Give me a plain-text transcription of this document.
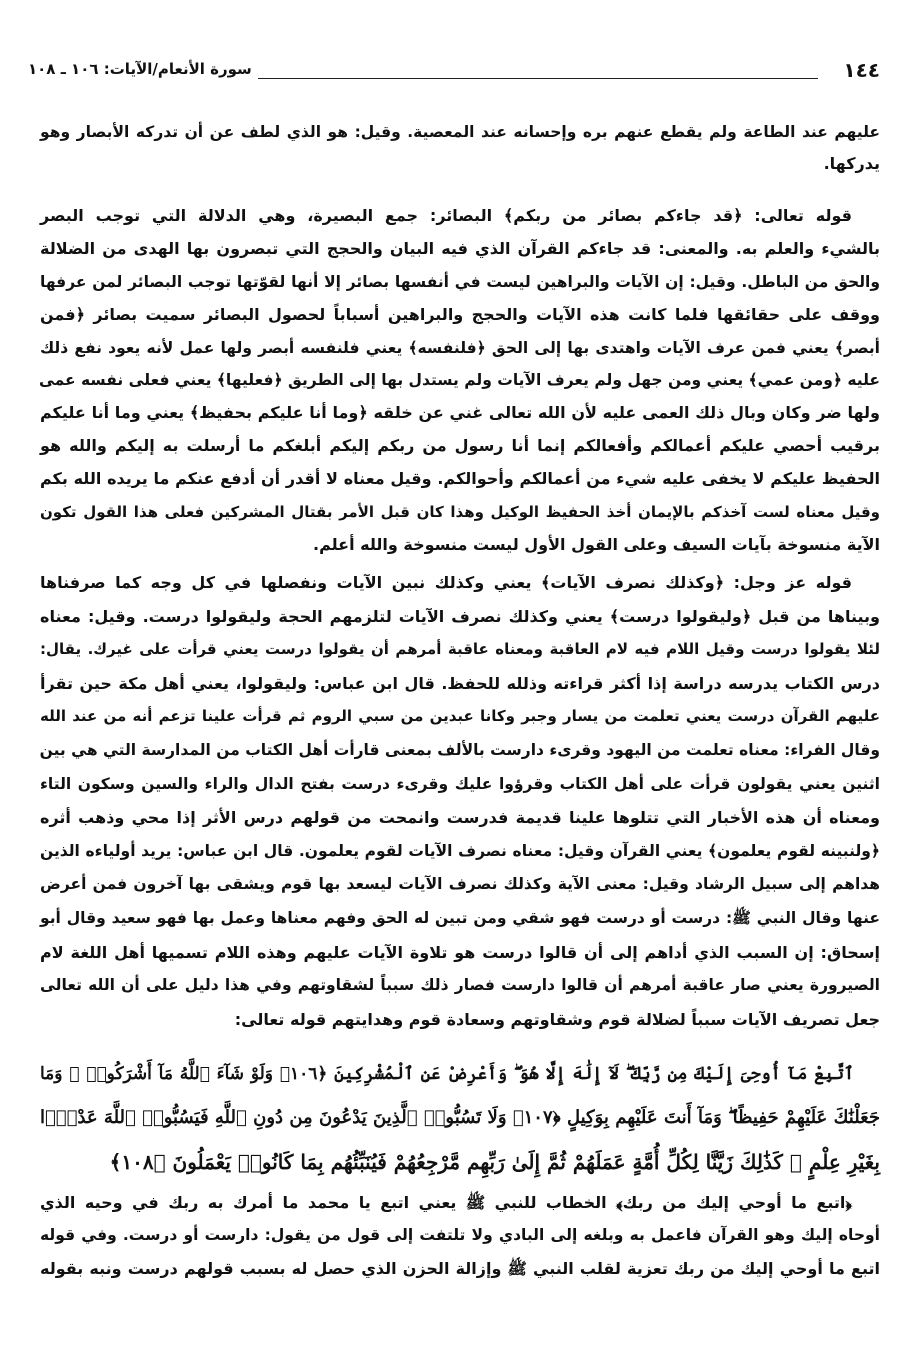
١٤٤
سورة الأنعام/الآيات: ١٠٦ ـ ١٠٨
عليهم عند الطاعة ولم يقطع عنهم بره وإحسانه عند المعصية. وقيل: هو الذي لطف عن أن تدركه الأبصار وهو
يدركها.
قوله تعالى: ﴿قد جاءكم بصائر من ربكم﴾ البصائر: جمع البصيرة، وهي الدلالة التي توجب البصر
بالشيء والعلم به. والمعنى: قد جاءكم القرآن الذي فيه البيان والحجج التي تبصرون بها الهدى من الضلالة
والحق من الباطل. وقيل: إن الآيات والبراهين ليست في أنفسها بصائر إلا أنها لقوّتها توجب البصائر لمن عرفها
ووقف على حقائقها فلما كانت هذه الآيات والحجج والبراهين أسباباً لحصول البصائر سميت بصائر ﴿فمن
أبصر﴾ يعني فمن عرف الآيات واهتدى بها إلى الحق ﴿فلنفسه﴾ يعني فلنفسه أبصر ولها عمل لأنه يعود نفع ذلك
عليه ﴿ومن عمي﴾ يعني ومن جهل ولم يعرف الآيات ولم يستدل بها إلى الطريق ﴿فعليها﴾ يعني فعلى نفسه عمى
ولها ضر وكان وبال ذلك العمى عليه لأن الله تعالى غني عن خلقه ﴿وما أنا عليكم بحفيظ﴾ يعني وما أنا عليكم
برقيب أحصي عليكم أعمالكم وأفعالكم إنما أنا رسول من ربكم إليكم أبلغكم ما أرسلت به إليكم والله هو
الحفيظ عليكم لا يخفى عليه شيء من أعمالكم وأحوالكم. وقيل معناه لا أقدر أن أدفع عنكم ما يريده الله بكم
وقيل معناه لست آخذكم بالإيمان أخذ الحفيظ الوكيل وهذا كان قبل الأمر بقتال المشركين فعلى هذا القول تكون
الآية منسوخة بآيات السيف وعلى القول الأول ليست منسوخة والله أعلم.
قوله عز وجل: ﴿وكذلك نصرف الآيات﴾ يعني وكذلك نبين الآيات ونفصلها في كل وجه كما صرفناها
وبيناها من قبل ﴿وليقولوا درست﴾ يعني وكذلك نصرف الآيات لتلزمهم الحجة وليقولوا درست. وقيل: معناه
لئلا يقولوا درست وقيل اللام فيه لام العاقبة ومعناه عاقبة أمرهم أن يقولوا درست يعني قرأت على غيرك. يقال:
درس الكتاب يدرسه دراسة إذا أكثر قراءته وذلله للحفظ. قال ابن عباس: وليقولوا، يعني أهل مكة حين تقرأ
عليهم القرآن درست يعني تعلمت من يسار وجبر وكانا عبدين من سبي الروم ثم قرأت علينا تزعم أنه من عند الله
وقال الفراء: معناه تعلمت من اليهود وقرىء دارست بالألف بمعنى قارأت أهل الكتاب من المدارسة التي هي بين
اثنين يعني يقولون قرأت على أهل الكتاب وقرؤوا عليك وقرىء درست بفتح الدال والراء والسين وسكون التاء
ومعناه أن هذه الأخبار التي تتلوها علينا قديمة فدرست وانمحت من قولهم درس الأثر إذا محي وذهب أثره
﴿ولنبينه لقوم يعلمون﴾ يعني القرآن وقيل: معناه نصرف الآيات لقوم يعلمون. قال ابن عباس: يريد أولياءه الذين
هداهم إلى سبيل الرشاد وقيل: معنى الآية وكذلك نصرف الآيات ليسعد بها قوم ويشقى بها آخرون فمن أعرض
عنها وقال النبي ﷺ: درست أو درست فهو شقي ومن تبين له الحق وفهم معناها وعمل بها فهو سعيد وقال أبو
إسحاق: إن السبب الذي أداهم إلى أن قالوا درست هو تلاوة الآيات عليهم وهذه اللام تسميها أهل اللغة لام
الصيرورة يعني صار عاقبة أمرهم أن قالوا دارست فصار ذلك سبباً لشقاوتهم وفي هذا دليل على أن الله تعالى
جعل تصريف الآيات سبباً لضلالة قوم وشقاوتهم وسعادة قوم وهدايتهم قوله تعالى:
ٱتَّبِعْ مَآ أُوحِىَ إِلَيْكَ مِن رَّبِّكَ ۖ لَآ إِلَٰهَ إِلَّا هُوَ ۖ وَأَعْرِضْ عَنِ ٱلْمُشْرِكِينَ ﴿١٠٦﴾ وَلَوْ شَآءَ ٱللَّهُ مَآ أَشْرَكُوا۟ ۗ وَمَا
جَعَلْنَٰكَ عَلَيْهِمْ حَفِيظًا ۖ وَمَآ أَنتَ عَلَيْهِم بِوَكِيلٍ ﴿١٠٧﴾ وَلَا تَسُبُّوا۟ ٱلَّذِينَ يَدْعُونَ مِن دُونِ ٱللَّهِ فَيَسُبُّوا۟ ٱللَّهَ عَدْوًۢا
بِغَيْرِ عِلْمٍ ۗ كَذَٰلِكَ زَيَّنَّا لِكُلِّ أُمَّةٍ عَمَلَهُمْ ثُمَّ إِلَىٰ رَبِّهِم مَّرْجِعُهُمْ فَيُنَبِّئُهُم بِمَا كَانُوا۟ يَعْمَلُونَ ﴿١٠٨﴾
﴿اتبع ما أوحي إليك من ربك﴾ الخطاب للنبي ﷺ يعني اتبع يا محمد ما أمرك به ربك في وحيه الذي
أوحاه إليك وهو القرآن فاعمل به وبلغه إلى البادي ولا تلتفت إلى قول من يقول: دارست أو درست. وفي قوله
اتبع ما أوحي إليك من ربك تعزية لقلب النبي ﷺ وإزالة الحزن الذي حصل له بسبب قولهم درست ونبه بقوله
